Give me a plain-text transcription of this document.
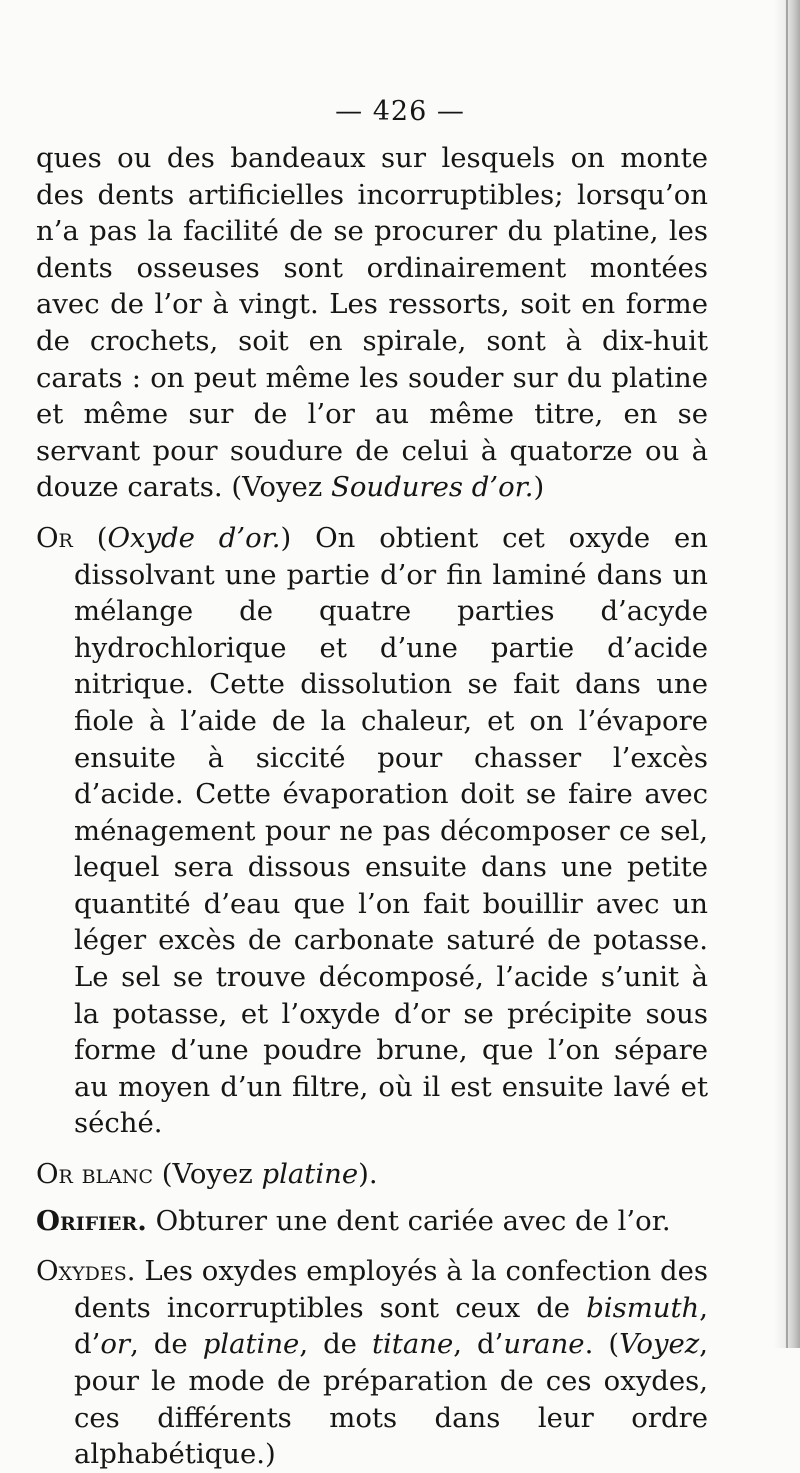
— 426 —

ques ou des bandeaux sur lesquels on monte des dents artificielles incorruptibles; lorsqu’on n’a pas la facilité de se procurer du platine, les dents osseuses sont ordinairement montées avec de l’or à vingt. Les ressorts, soit en forme de crochets, soit en spirale, sont à dix-huit carats : on peut même les souder sur du platine et même sur de l’or au même titre, en se servant pour soudure de celui à quatorze ou à douze carats. (Voyez Soudures d’or.)

Or (Oxyde d’or.) On obtient cet oxyde en dissolvant une partie d’or fin laminé dans un mélange de quatre parties d’acyde hydrochlorique et d’une partie d’acide nitrique. Cette dissolution se fait dans une fiole à l’aide de la chaleur, et on l’évapore ensuite à siccité pour chasser l’excès d’acide. Cette évaporation doit se faire avec ménagement pour ne pas décomposer ce sel, lequel sera dissous ensuite dans une petite quantité d’eau que l’on fait bouillir avec un léger excès de carbonate saturé de potasse. Le sel se trouve décomposé, l’acide s’unit à la potasse, et l’oxyde d’or se précipite sous forme d’une poudre brune, que l’on sépare au moyen d’un filtre, où il est ensuite lavé et séché.

Or blanc (Voyez platine).

Orifier. Obturer une dent cariée avec de l’or.

Oxydes. Les oxydes employés à la confection des dents incorruptibles sont ceux de bismuth, d’or, de platine, de titane, d’urane. (Voyez, pour le mode de préparation de ces oxydes, ces différents mots dans leur ordre alphabétique.)
